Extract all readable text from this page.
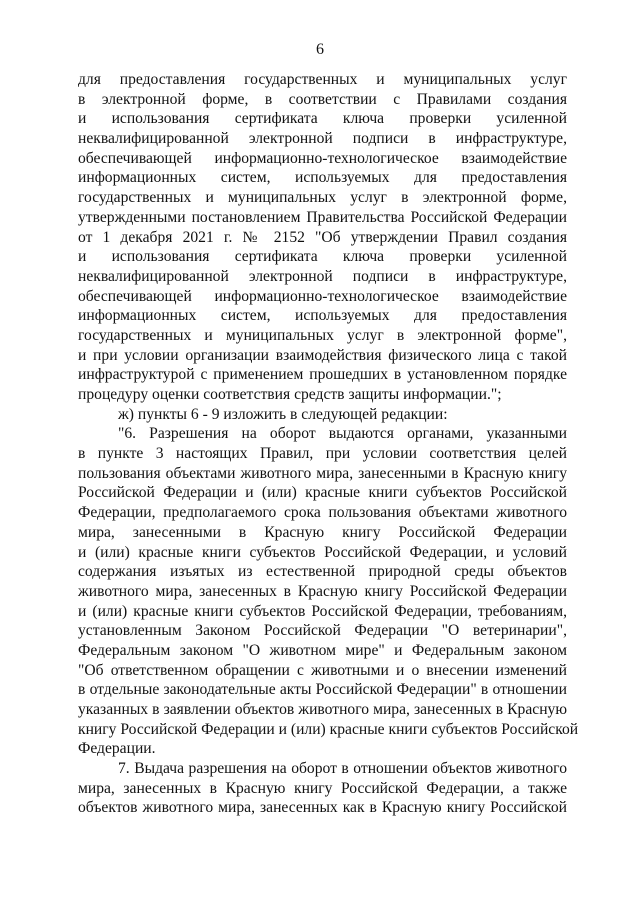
6
для предоставления государственных и муниципальных услуг
в электронной форме, в соответствии с Правилами создания
и использования сертификата ключа проверки усиленной
неквалифицированной электронной подписи в инфраструктуре,
обеспечивающей информационно-технологическое взаимодействие
информационных систем, используемых для предоставления
государственных и муниципальных услуг в электронной форме,
утвержденными постановлением Правительства Российской Федерации
от 1 декабря 2021 г. № 2152 "Об утверждении Правил создания
и использования сертификата ключа проверки усиленной
неквалифицированной электронной подписи в инфраструктуре,
обеспечивающей информационно-технологическое взаимодействие
информационных систем, используемых для предоставления
государственных и муниципальных услуг в электронной форме",
и при условии организации взаимодействия физического лица с такой
инфраструктурой с применением прошедших в установленном порядке
процедуру оценки соответствия средств защиты информации.";
ж) пункты 6 - 9 изложить в следующей редакции:
"6. Разрешения на оборот выдаются органами, указанными
в пункте 3 настоящих Правил, при условии соответствия целей
пользования объектами животного мира, занесенными в Красную книгу
Российской Федерации и (или) красные книги субъектов Российской
Федерации, предполагаемого срока пользования объектами животного
мира, занесенными в Красную книгу Российской Федерации
и (или) красные книги субъектов Российской Федерации, и условий
содержания изъятых из естественной природной среды объектов
животного мира, занесенных в Красную книгу Российской Федерации
и (или) красные книги субъектов Российской Федерации, требованиям,
установленным Законом Российской Федерации "О ветеринарии",
Федеральным законом "О животном мире" и Федеральным законом
"Об ответственном обращении с животными и о внесении изменений
в отдельные законодательные акты Российской Федерации" в отношении
указанных в заявлении объектов животного мира, занесенных в Красную
книгу Российской Федерации и (или) красные книги субъектов Российской
Федерации.
7. Выдача разрешения на оборот в отношении объектов животного
мира, занесенных в Красную книгу Российской Федерации, а также
объектов животного мира, занесенных как в Красную книгу Российской
